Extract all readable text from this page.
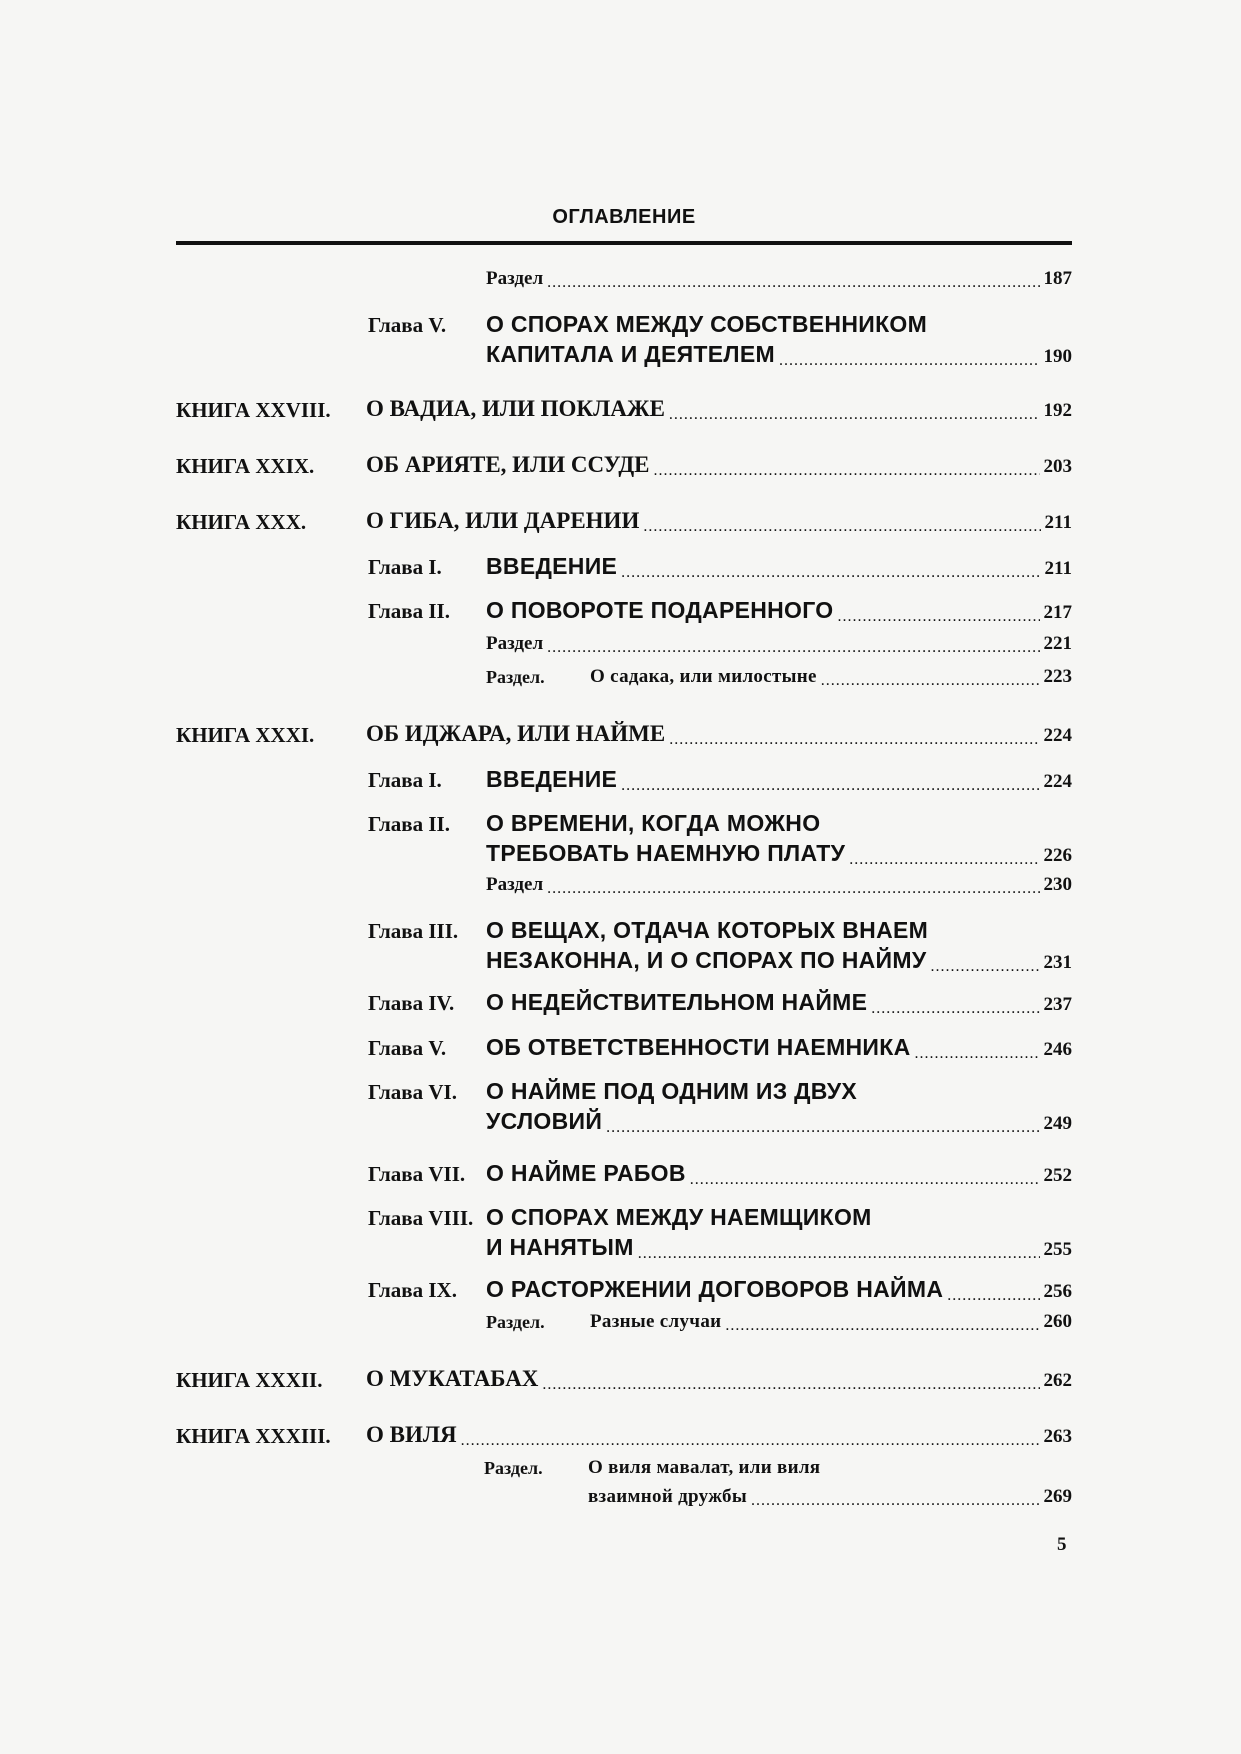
ОГЛАВЛЕНИЕ
Раздел .....	187
Глава V. О СПОРАХ МЕЖДУ СОБСТВЕННИКОМ
КАПИТАЛА И ДЕЯТЕЛЕМ .....	190
КНИГА XXVIII. О ВАДИА, ИЛИ ПОКЛАЖЕ .....	192
КНИГА XXIX. ОБ АРИЯТЕ, ИЛИ ССУДЕ .....	203
КНИГА XXX.	О ГИБА, ИЛИ ДАРЕНИИ .....	211
Глава I. ВВЕДЕНИЕ .....	211
Глава II. О ПОВОРОТЕ ПОДАРЕННОГО .....	217
Раздел .....	221
Раздел. О садака, или милостыне .....	223
КНИГА XXXI. ОБ ИДЖАРА, ИЛИ НАЙМЕ .....	224
Глава I. ВВЕДЕНИЕ .....	224
Глава II. О ВРЕМЕНИ, КОГДА МОЖНО
ТРЕБОВАТЬ НАЕМНУЮ ПЛАТУ .....	226
Раздел .....	230
Глава III. О ВЕЩАХ, ОТДАЧА КОТОРЫХ ВНАЕМ
НЕЗАКОННА, И О СПОРАХ ПО НАЙМУ .....	231
Глава IV. О НЕДЕЙСТВИТЕЛЬНОМ НАЙМЕ .....	237
Глава V. ОБ ОТВЕТСТВЕННОСТИ НАЕМНИКА .....	246
Глава VI. О НАЙМЕ ПОД ОДНИМ ИЗ ДВУХ
УСЛОВИЙ .....	249
Глава VII. О НАЙМЕ РАБОВ .....	252
Глава VIII. О СПОРАХ МЕЖДУ НАЕМЩИКОМ
И НАНЯТЫМ .....	255
Глава IX. О РАСТОРЖЕНИИ ДОГОВОРОВ НАЙМА .....	256
Раздел. Разные случаи .....	260
КНИГА XXXII. О МУКАТАБАХ .....	262
КНИГА XXXIII. О ВИЛЯ .....	263
Раздел. О виля мавалат, или виля
взаимной дружбы .....	269
5
